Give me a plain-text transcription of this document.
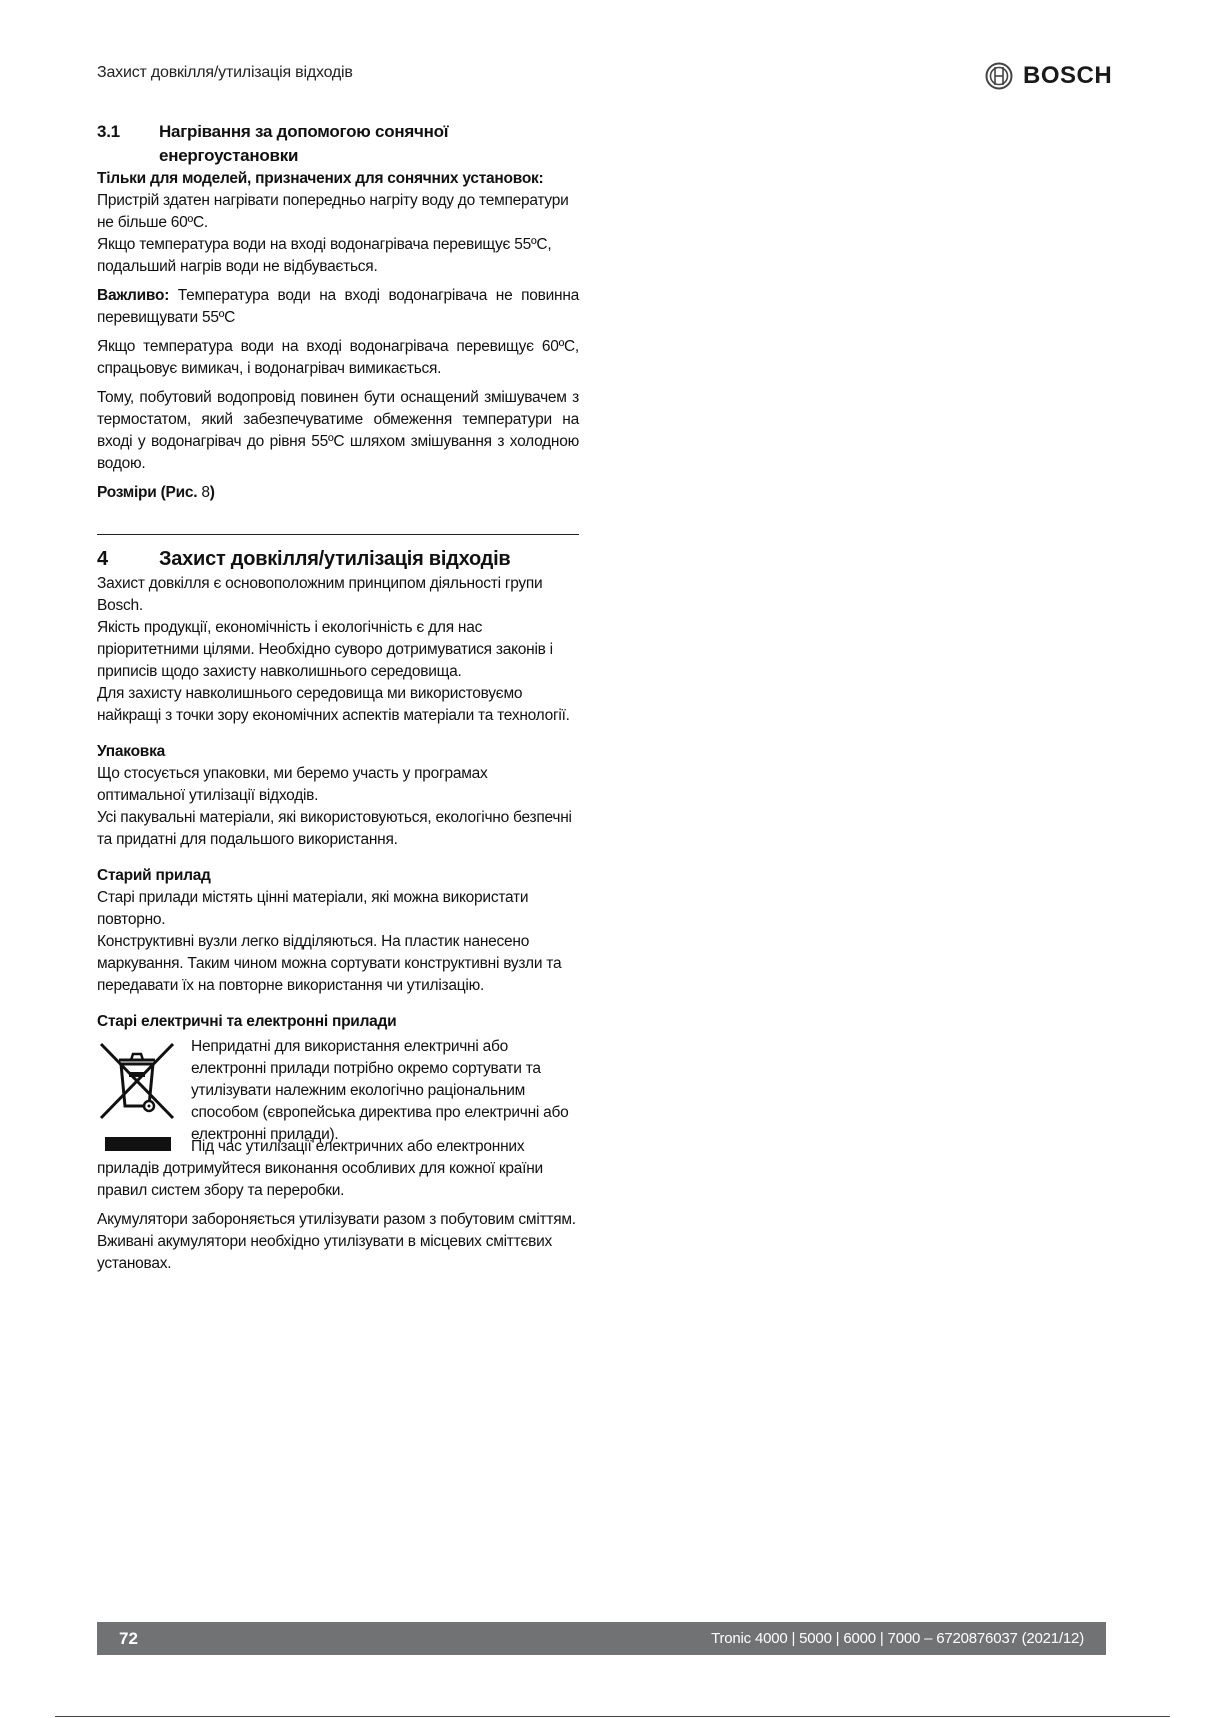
Захист довкілля/утилізація відходів	BOSCH
3.1	Нагрівання за допомогою сонячної енергоустановки

Тільки для моделей, призначених для сонячних установок:

Пристрій здатен нагрівати попередньо нагріту воду до температури не більше 60ºC.

Якщо температура води на вході водонагрівача перевищує 55ºC, подальший нагрів води не відбувається.

Важливо: Температура води на вході водонагрівача не повинна перевищувати 55ºC

Якщо температура води на вході водонагрівача перевищує 60ºC, спрацьовує вимикач, і водонагрівач вимикається.

Тому, побутовий водопровід повинен бути оснащений змішувачем з термостатом, який забезпечуватиме обмеження температури на вході у водонагрівач до рівня 55ºC шляхом змішування з холодною водою.

Розміри (Рис. 8)

4	Захист довкілля/утилізація відходів

Захист довкілля є основоположним принципом діяльності групи Bosch.

Якість продукції, економічність і екологічність є для нас пріоритетними цілями. Необхідно суворо дотримуватися законів і приписів щодо захисту навколишнього середовища.

Для захисту навколишнього середовища ми використовуємо найкращі з точки зору економічних аспектів матеріали та технології.

Упаковка

Що стосується упаковки, ми беремо участь у програмах оптимальної утилізації відходів.

Усі пакувальні матеріали, які використовуються, екологічно безпечні та придатні для подальшого використання.

Старий прилад

Старі прилади містять цінні матеріали, які можна використати повторно.

Конструктивні вузли легко відділяються. На пластик нанесено маркування. Таким чином можна сортувати конструктивні вузли та передавати їх на повторне використання чи утилізацію.

Старі електричні та електронні прилади

Непридатні для використання електричні або електронні прилади потрібно окремо сортувати та утилізувати належним екологічно раціональним способом (європейська директива про електричні або електронні прилади).

Під час утилізації електричних або електронних приладів дотримуйтеся виконання особливих для кожної країни правил систем збору та переробки.

Акумулятори забороняється утилізувати разом з побутовим сміттям. Вживані акумулятори необхідно утилізувати в місцевих сміттєвих установах.

72	Tronic 4000 | 5000 | 6000 | 7000 – 6720876037 (2021/12)
